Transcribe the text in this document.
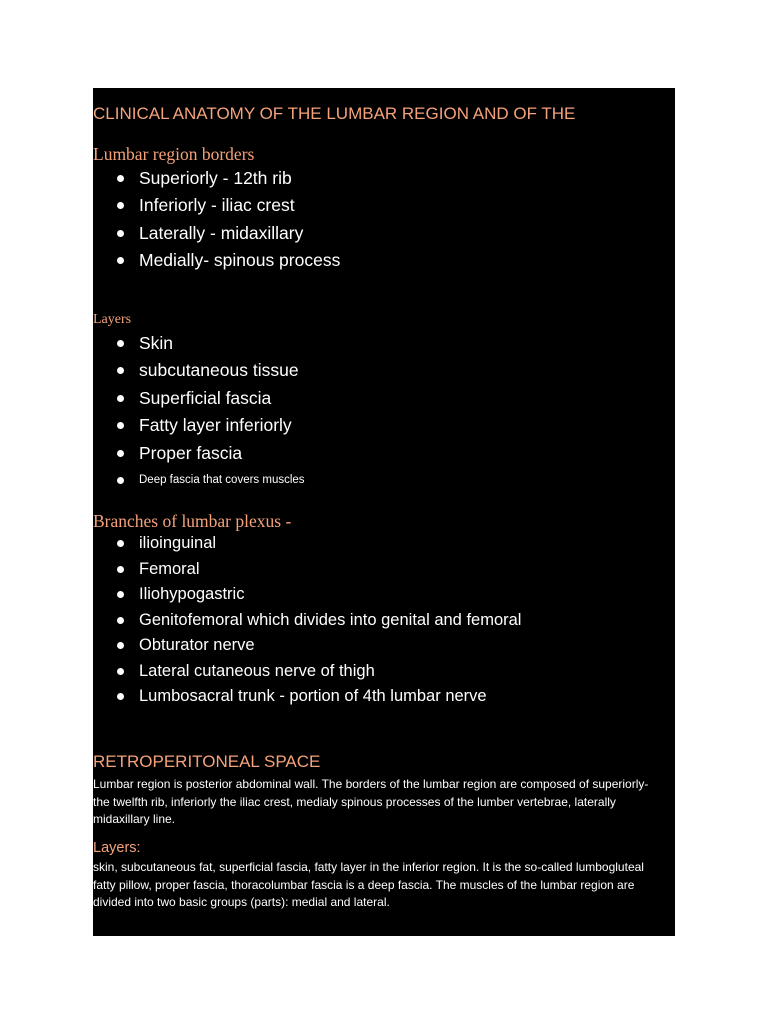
CLINICAL ANATOMY OF THE LUMBAR REGION AND OF THE
Lumbar region borders
Superiorly - 12th rib
Inferiorly - iliac crest
Laterally - midaxillary
Medially- spinous process
Layers
Skin
subcutaneous tissue
Superficial fascia
Fatty layer inferiorly
Proper fascia
Deep fascia that covers muscles
Branches of lumbar plexus -
ilioinguinal
Femoral
Iliohypogastric
Genitofemoral which divides into genital and femoral
Obturator nerve
Lateral cutaneous nerve of thigh
Lumbosacral trunk - portion of 4th lumbar nerve
RETROPERITONEAL SPACE
Lumbar region is posterior abdominal wall. The borders of the lumbar region are composed of superiorly-the twelfth rib, inferiorly the iliac crest, medialy spinous processes of the lumber vertebrae, laterally midaxillary line.
Layers:
skin, subcutaneous fat, superficial fascia, fatty layer in the inferior region. It is the so-called lumbogluteal fatty pillow, proper fascia, thoracolumbar fascia is a deep fascia. The muscles of the lumbar region are divided into two basic groups (parts): medial and lateral.
